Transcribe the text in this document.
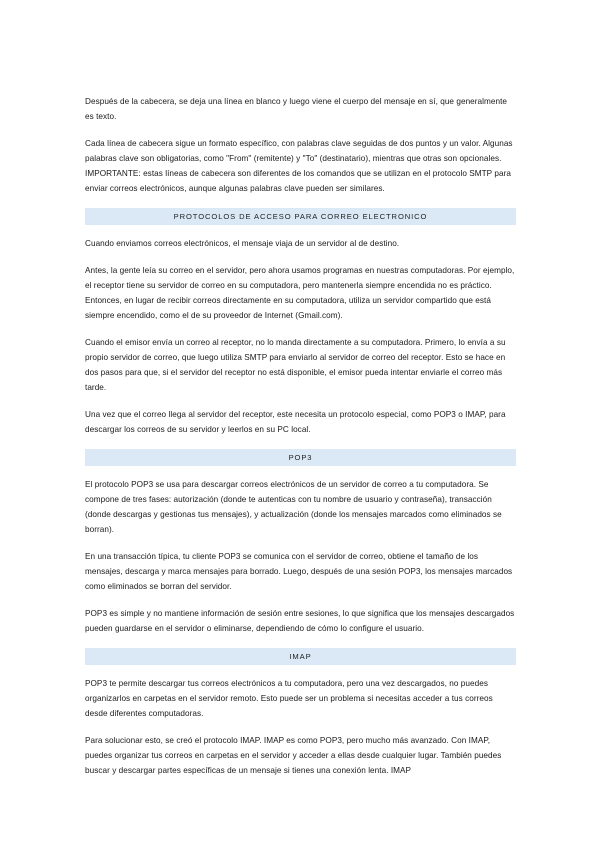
Después de la cabecera, se deja una línea en blanco y luego viene el cuerpo del mensaje en sí, que generalmente es texto.

Cada línea de cabecera sigue un formato específico, con palabras clave seguidas de dos puntos y un valor. Algunas palabras clave son obligatorias, como "From" (remitente) y "To" (destinatario), mientras que otras son opcionales. IMPORTANTE: estas líneas de cabecera son diferentes de los comandos que se utilizan en el protocolo SMTP para enviar correos electrónicos, aunque algunas palabras clave pueden ser similares.

PROTOCOLOS DE ACCESO PARA CORREO ELECTRONICO

Cuando enviamos correos electrónicos, el mensaje viaja de un servidor al de destino.

Antes, la gente leía su correo en el servidor, pero ahora usamos programas en nuestras computadoras. Por ejemplo, el receptor tiene su servidor de correo en su computadora, pero mantenerla siempre encendida no es práctico. Entonces, en lugar de recibir correos directamente en su computadora, utiliza un servidor compartido que está siempre encendido, como el de su proveedor de Internet (Gmail.com).

Cuando el emisor envía un correo al receptor, no lo manda directamente a su computadora. Primero, lo envía a su propio servidor de correo, que luego utiliza SMTP para enviarlo al servidor de correo del receptor. Esto se hace en dos pasos para que, si el servidor del receptor no está disponible, el emisor pueda intentar enviarle el correo más tarde.

Una vez que el correo llega al servidor del receptor, este necesita un protocolo especial, como POP3 o IMAP, para descargar los correos de su servidor y leerlos en su PC local.

POP3

El protocolo POP3 se usa para descargar correos electrónicos de un servidor de correo a tu computadora. Se compone de tres fases: autorización (donde te autenticas con tu nombre de usuario y contraseña), transacción (donde descargas y gestionas tus mensajes), y actualización (donde los mensajes marcados como eliminados se borran).

En una transacción típica, tu cliente POP3 se comunica con el servidor de correo, obtiene el tamaño de los mensajes, descarga y marca mensajes para borrado. Luego, después de una sesión POP3, los mensajes marcados como eliminados se borran del servidor.

POP3 es simple y no mantiene información de sesión entre sesiones, lo que significa que los mensajes descargados pueden guardarse en el servidor o eliminarse, dependiendo de cómo lo configure el usuario.

IMAP

POP3 te permite descargar tus correos electrónicos a tu computadora, pero una vez descargados, no puedes organizarlos en carpetas en el servidor remoto. Esto puede ser un problema si necesitas acceder a tus correos desde diferentes computadoras.

Para solucionar esto, se creó el protocolo IMAP. IMAP es como POP3, pero mucho más avanzado. Con IMAP, puedes organizar tus correos en carpetas en el servidor y acceder a ellas desde cualquier lugar. También puedes buscar y descargar partes específicas de un mensaje si tienes una conexión lenta. IMAP
